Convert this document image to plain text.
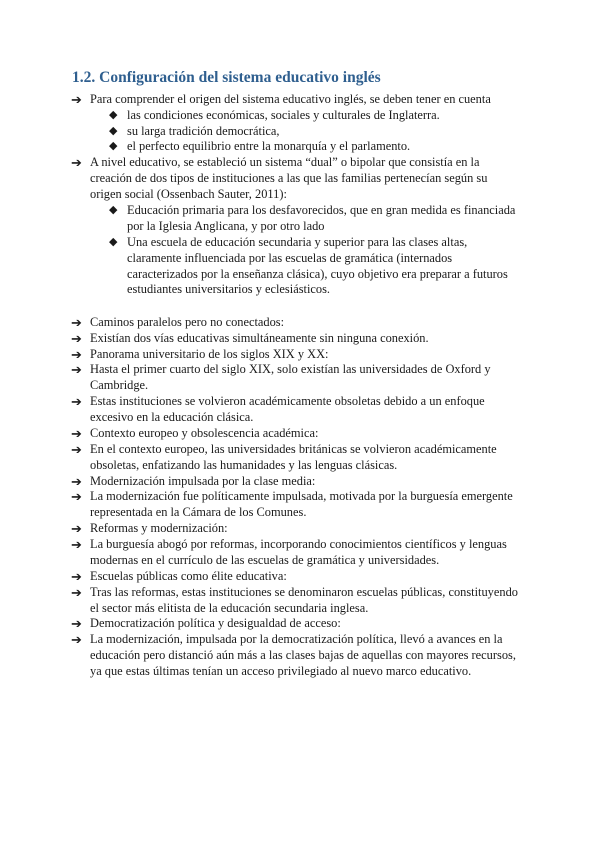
1.2. Configuración del sistema educativo inglés
➔ Para comprender el origen del sistema educativo inglés, se deben tener en cuenta
◆ las condiciones económicas, sociales y culturales de Inglaterra.
◆ su larga tradición democrática,
◆ el perfecto equilibrio entre la monarquía y el parlamento.
➔ A nivel educativo, se estableció un sistema “dual” o bipolar que consistía en la
creación de dos tipos de instituciones a las que las familias pertenecían según su
origen social (Ossenbach Sauter, 2011):
◆ Educación primaria para los desfavorecidos, que en gran medida es financiada
por la Iglesia Anglicana, y por otro lado
◆ Una escuela de educación secundaria y superior para las clases altas,
claramente influenciada por las escuelas de gramática (internados
caracterizados por la enseñanza clásica), cuyo objetivo era preparar a futuros
estudiantes universitarios y eclesiásticos.
➔ Caminos paralelos pero no conectados:
➔ Existían dos vías educativas simultáneamente sin ninguna conexión.
➔ Panorama universitario de los siglos XIX y XX:
➔ Hasta el primer cuarto del siglo XIX, solo existían las universidades de Oxford y
Cambridge.
➔ Estas instituciones se volvieron académicamente obsoletas debido a un enfoque
excesivo en la educación clásica.
➔ Contexto europeo y obsolescencia académica:
➔ En el contexto europeo, las universidades británicas se volvieron académicamente
obsoletas, enfatizando las humanidades y las lenguas clásicas.
➔ Modernización impulsada por la clase media:
➔ La modernización fue políticamente impulsada, motivada por la burguesía emergente
representada en la Cámara de los Comunes.
➔ Reformas y modernización:
➔ La burguesía abogó por reformas, incorporando conocimientos científicos y lenguas
modernas en el currículo de las escuelas de gramática y universidades.
➔ Escuelas públicas como élite educativa:
➔ Tras las reformas, estas instituciones se denominaron escuelas públicas, constituyendo
el sector más elitista de la educación secundaria inglesa.
➔ Democratización política y desigualdad de acceso:
➔ La modernización, impulsada por la democratización política, llevó a avances en la
educación pero distanció aún más a las clases bajas de aquellas con mayores recursos,
ya que estas últimas tenían un acceso privilegiado al nuevo marco educativo.
